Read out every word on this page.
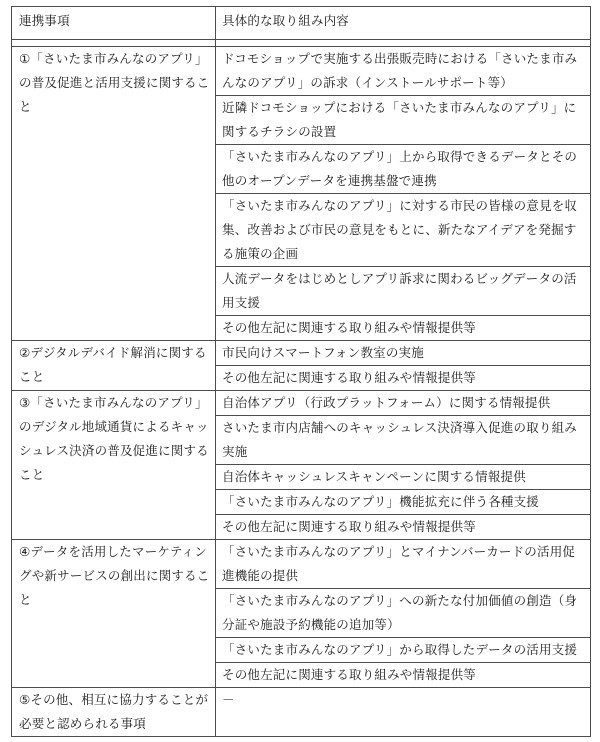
連携事項	具体的な取り組み内容

①「さいたま市みんなのアプリ」の普及促進と活用支援に関すること	ドコモショップで実施する出張販売時における「さいたま市みんなのアプリ」の訴求（インストールサポート等）

	近隣ドコモショップにおける「さいたま市みんなのアプリ」に関するチラシの設置

	「さいたま市みんなのアプリ」上から取得できるデータとその他のオープンデータを連携基盤で連携

	「さいたま市みんなのアプリ」に対する市民の皆様の意見を収集、改善および市民の意見をもとに、新たなアイデアを発掘する施策の企画

	人流データをはじめとしアプリ訴求に関わるビッグデータの活用支援

	その他左記に関連する取り組みや情報提供等

②デジタルデバイド解消に関すること	市民向けスマートフォン教室の実施

	その他左記に関連する取り組みや情報提供等

③「さいたま市みんなのアプリ」のデジタル地域通貨によるキャッシュレス決済の普及促進に関すること	自治体アプリ（行政プラットフォーム）に関する情報提供

	さいたま市内店舗へのキャッシュレス決済導入促進の取り組み実施

	自治体キャッシュレスキャンペーンに関する情報提供

	「さいたま市みんなのアプリ」機能拡充に伴う各種支援

	その他左記に関連する取り組みや情報提供等

④データを活用したマーケティングや新サービスの創出に関すること	「さいたま市みんなのアプリ」とマイナンバーカードの活用促進機能の提供

	「さいたま市みんなのアプリ」への新たな付加価値の創造（身分証や施設予約機能の追加等）

	「さいたま市みんなのアプリ」から取得したデータの活用支援

	その他左記に関連する取り組みや情報提供等

⑤その他、相互に協力することが必要と認められる事項	－
